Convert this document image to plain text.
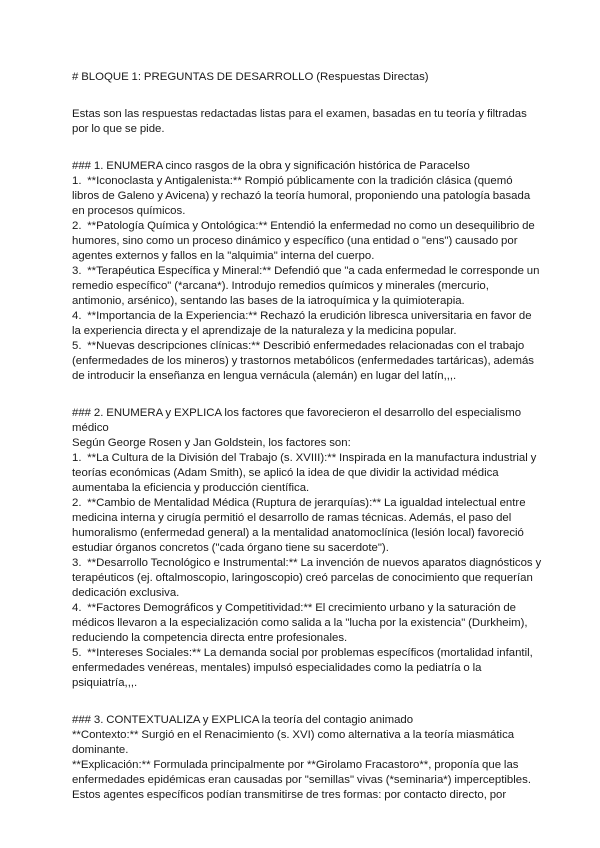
# BLOQUE 1: PREGUNTAS DE DESARROLLO (Respuestas Directas)

Estas son las respuestas redactadas listas para el examen, basadas en tu teoría y filtradas por lo que se pide.

### 1. ENUMERA cinco rasgos de la obra y significación histórica de Paracelso

1.  **Iconoclasta y Antigalenista:** Rompió públicamente con la tradición clásica (quemó libros de Galeno y Avicena) y rechazó la teoría humoral, proponiendo una patología basada en procesos químicos.

2.  **Patología Química y Ontológica:** Entendió la enfermedad no como un desequilibrio de humores, sino como un proceso dinámico y específico (una entidad o "ens") causado por agentes externos y fallos en la "alquimia" interna del cuerpo.

3.  **Terapéutica Específica y Mineral:** Defendió que "a cada enfermedad le corresponde un remedio específico" (*arcana*). Introdujo remedios químicos y minerales (mercurio, antimonio, arsénico), sentando las bases de la iatroquímica y la quimioterapia.

4.  **Importancia de la Experiencia:** Rechazó la erudición libresca universitaria en favor de la experiencia directa y el aprendizaje de la naturaleza y la medicina popular.

5.  **Nuevas descripciones clínicas:** Describió enfermedades relacionadas con el trabajo (enfermedades de los mineros) y trastornos metabólicos (enfermedades tartáricas), además de introducir la enseñanza en lengua vernácula (alemán) en lugar del latín,,,.

### 2. ENUMERA y EXPLICA los factores que favorecieron el desarrollo del especialismo médico

Según George Rosen y Jan Goldstein, los factores son:

1.  **La Cultura de la División del Trabajo (s. XVIII):** Inspirada en la manufactura industrial y teorías económicas (Adam Smith), se aplicó la idea de que dividir la actividad médica aumentaba la eficiencia y producción científica.

2.  **Cambio de Mentalidad Médica (Ruptura de jerarquías):** La igualdad intelectual entre medicina interna y cirugía permitió el desarrollo de ramas técnicas. Además, el paso del humoralismo (enfermedad general) a la mentalidad anatomoclínica (lesión local) favoreció estudiar órganos concretos ("cada órgano tiene su sacerdote").

3.  **Desarrollo Tecnológico e Instrumental:** La invención de nuevos aparatos diagnósticos y terapéuticos (ej. oftalmoscopio, laringoscopio) creó parcelas de conocimiento que requerían dedicación exclusiva.

4.  **Factores Demográficos y Competitividad:** El crecimiento urbano y la saturación de médicos llevaron a la especialización como salida a la "lucha por la existencia" (Durkheim), reduciendo la competencia directa entre profesionales.

5.  **Intereses Sociales:** La demanda social por problemas específicos (mortalidad infantil, enfermedades venéreas, mentales) impulsó especialidades como la pediatría o la psiquiatría,,,.

### 3. CONTEXTUALIZA y EXPLICA la teoría del contagio animado

**Contexto:** Surgió en el Renacimiento (s. XVI) como alternativa a la teoría miasmática dominante.

**Explicación:** Formulada principalmente por **Girolamo Fracastoro**, proponía que las enfermedades epidémicas eran causadas por "semillas" vivas (*seminaria*) imperceptibles. Estos agentes específicos podían transmitirse de tres formas: por contacto directo, por
